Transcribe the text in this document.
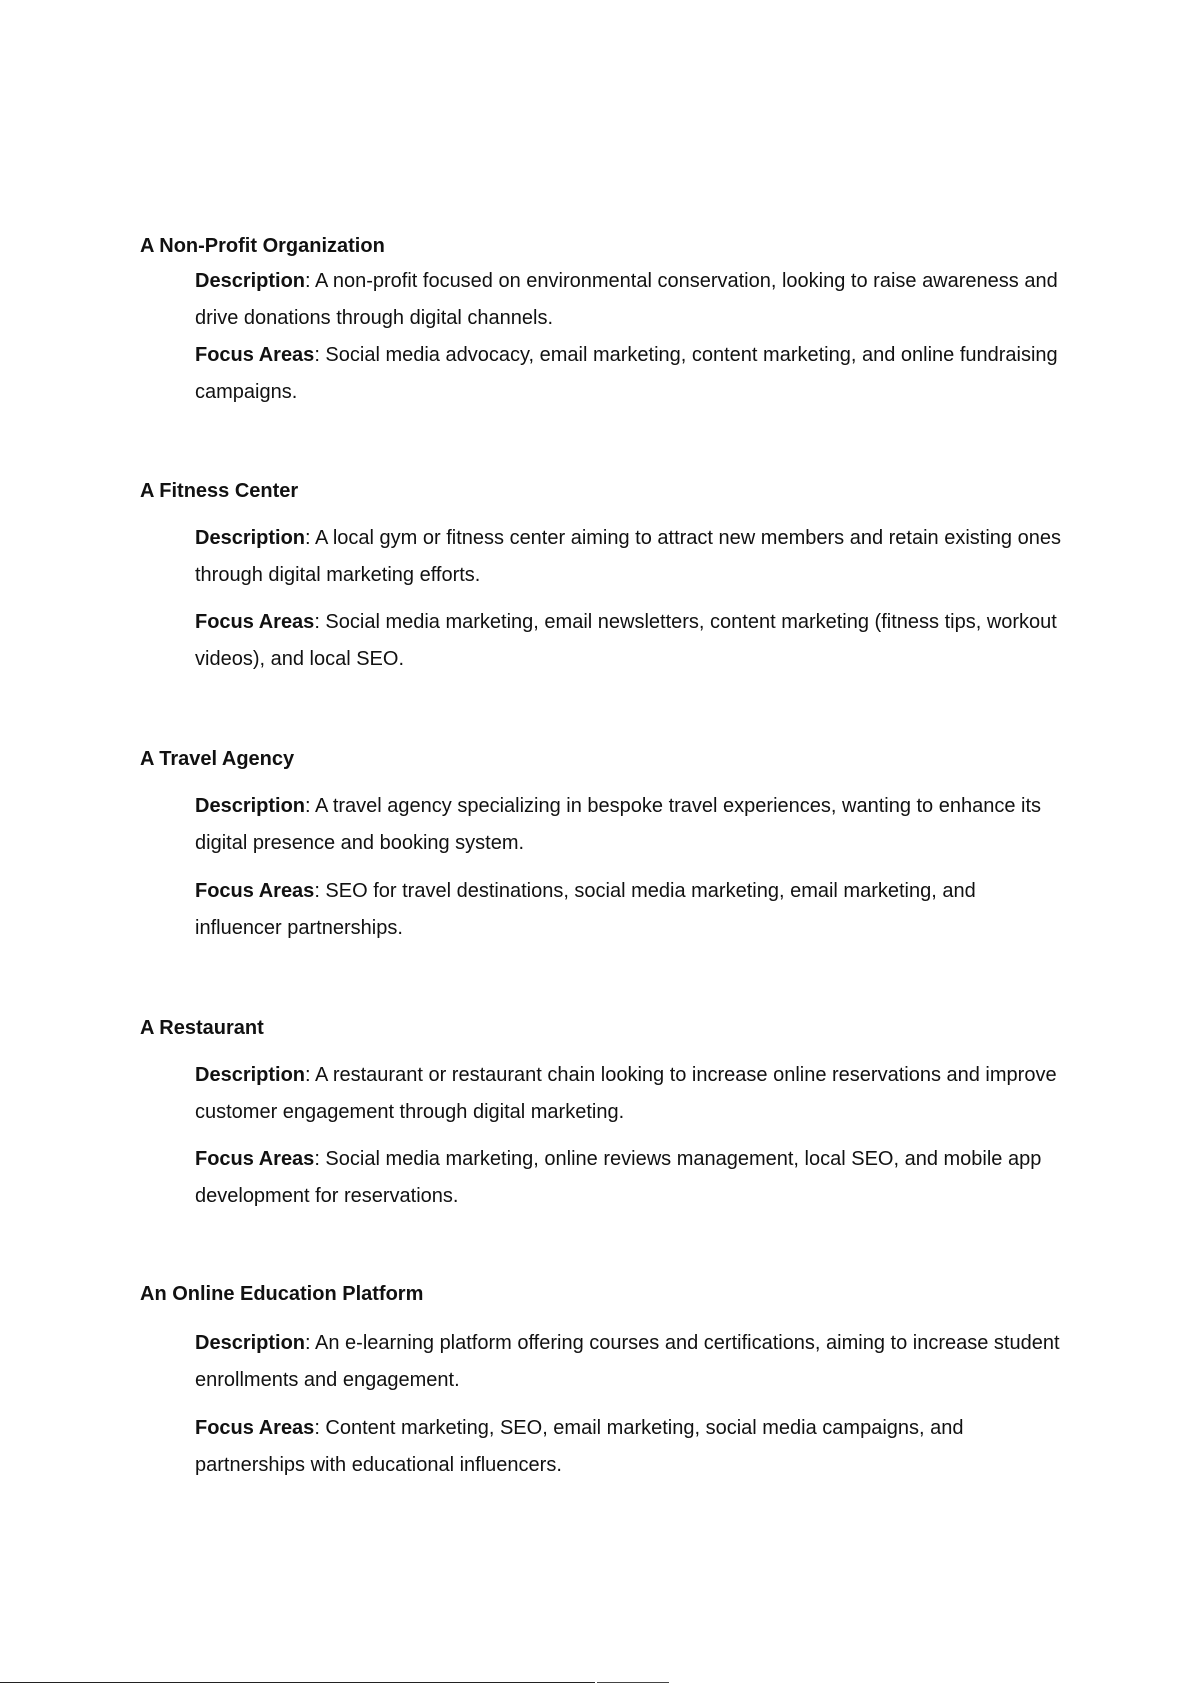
A Non-Profit Organization
Description: A non-profit focused on environmental conservation, looking to raise awareness and drive donations through digital channels.
Focus Areas: Social media advocacy, email marketing, content marketing, and online fundraising campaigns.
A Fitness Center
Description: A local gym or fitness center aiming to attract new members and retain existing ones through digital marketing efforts.
Focus Areas: Social media marketing, email newsletters, content marketing (fitness tips, workout videos), and local SEO.
A Travel Agency
Description: A travel agency specializing in bespoke travel experiences, wanting to enhance its digital presence and booking system.
Focus Areas: SEO for travel destinations, social media marketing, email marketing, and influencer partnerships.
A Restaurant
Description: A restaurant or restaurant chain looking to increase online reservations and improve customer engagement through digital marketing.
Focus Areas: Social media marketing, online reviews management, local SEO, and mobile app development for reservations.
An Online Education Platform
Description: An e-learning platform offering courses and certifications, aiming to increase student enrollments and engagement.
Focus Areas: Content marketing, SEO, email marketing, social media campaigns, and partnerships with educational influencers.
